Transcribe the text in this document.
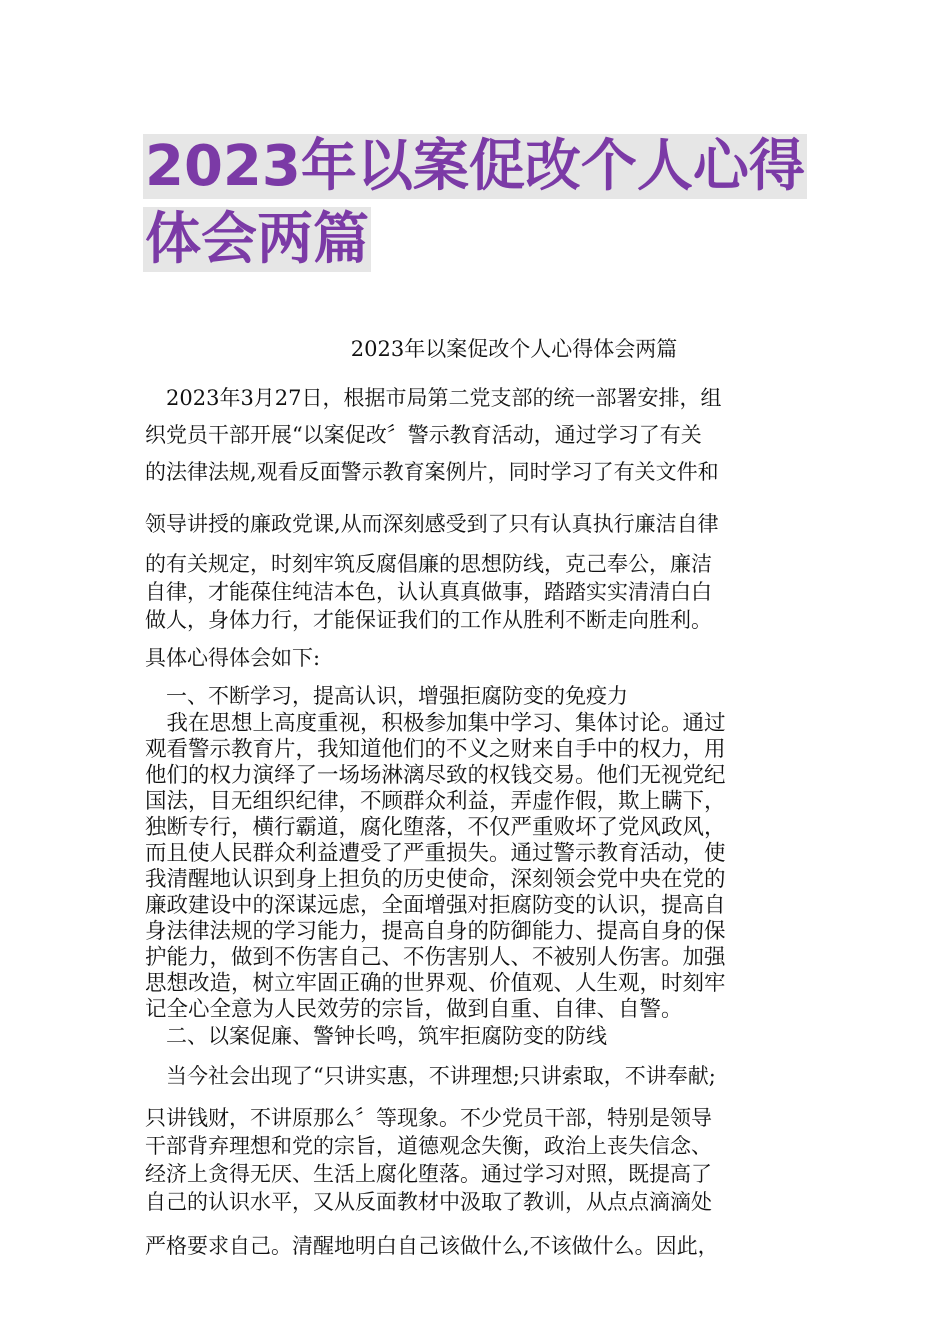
2023年以案促改个人心得
体会两篇
2023年以案促改个人心得体会两篇
　2023年3月27日，根据市局第二党支部的统一部署安排，组
织党员干部开展“以案促改〞警示教育活动，通过学习了有关
的法律法规,观看反面警示教育案例片，同时学习了有关文件和
领导讲授的廉政党课,从而深刻感受到了只有认真执行廉洁自律
的有关规定，时刻牢筑反腐倡廉的思想防线，克己奉公，廉洁
自律，才能葆住纯洁本色，认认真真做事，踏踏实实清清白白
做人，身体力行，才能保证我们的工作从胜利不断走向胜利。
具体心得体会如下:
　一、不断学习，提高认识，增强拒腐防变的免疫力
　我在思想上高度重视，积极参加集中学习、集体讨论。通过
观看警示教育片，我知道他们的不义之财来自手中的权力，用
他们的权力演绎了一场场淋漓尽致的权钱交易。他们无视党纪
国法，目无组织纪律，不顾群众利益，弄虚作假，欺上瞒下，
独断专行，横行霸道，腐化堕落，不仅严重败坏了党风政风，
而且使人民群众利益遭受了严重损失。通过警示教育活动，使
我清醒地认识到身上担负的历史使命，深刻领会党中央在党的
廉政建设中的深谋远虑，全面增强对拒腐防变的认识，提高自
身法律法规的学习能力，提高自身的防御能力、提高自身的保
护能力，做到不伤害自己、不伤害别人、不被别人伤害。加强
思想改造，树立牢固正确的世界观、价值观、人生观，时刻牢
记全心全意为人民效劳的宗旨，做到自重、自律、自警。
　二、以案促廉、警钟长鸣，筑牢拒腐防变的防线
　当今社会出现了“只讲实惠，不讲理想;只讲索取，不讲奉献;
只讲钱财，不讲原那么〞等现象。不少党员干部，特别是领导
干部背弃理想和党的宗旨，道德观念失衡，政治上丧失信念、
经济上贪得无厌、生活上腐化堕落。通过学习对照，既提高了
自己的认识水平，又从反面教材中汲取了教训，从点点滴滴处
严格要求自己。清醒地明白自己该做什么,不该做什么。因此，
